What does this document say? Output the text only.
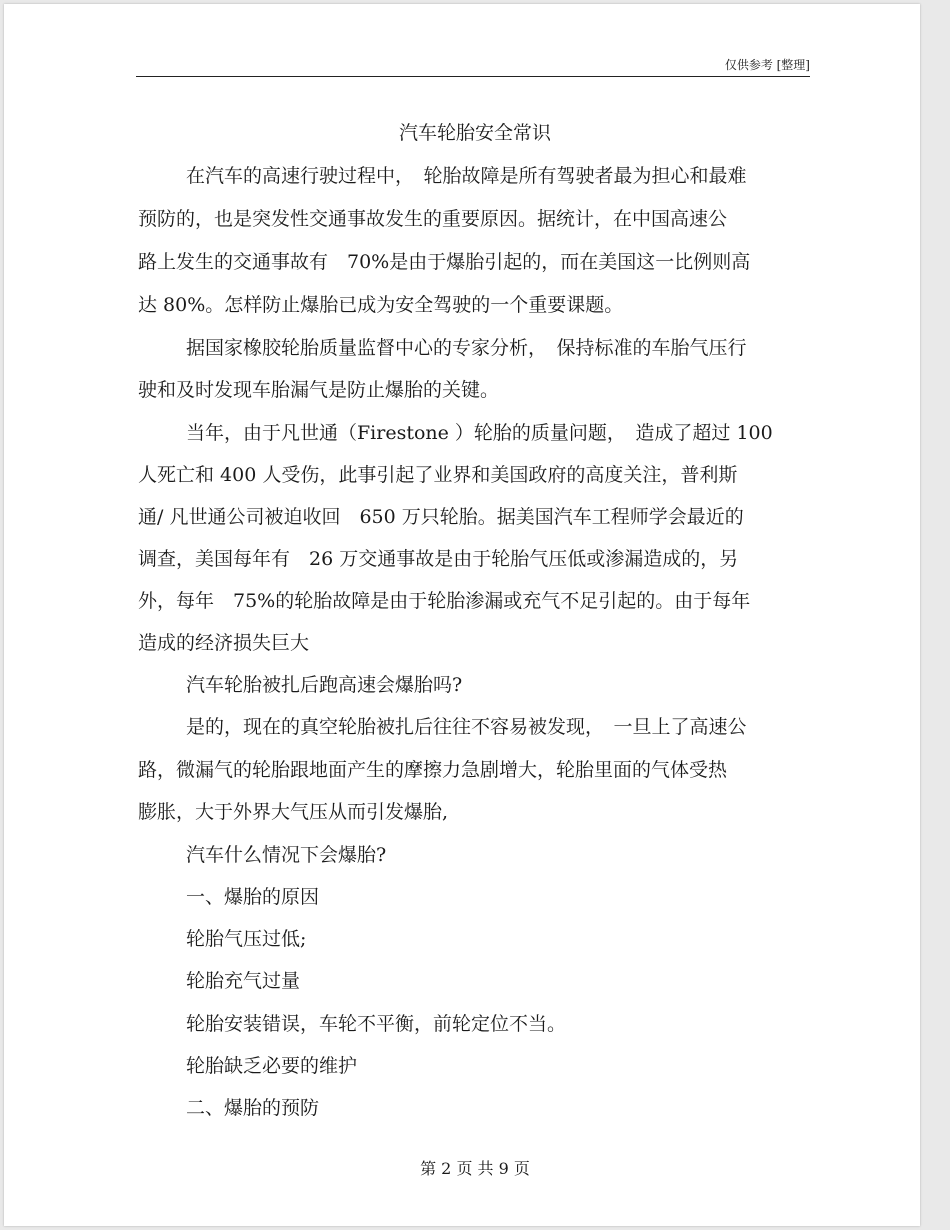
仅供参考 [整理]
汽车轮胎安全常识
在汽车的高速行驶过程中，　轮胎故障是所有驾驶者最为担心和最难
预防的，也是突发性交通事故发生的重要原因。据统计，在中国高速公
路上发生的交通事故有　70%是由于爆胎引起的，而在美国这一比例则高
达 80%。怎样防止爆胎已成为安全驾驶的一个重要课题。
据国家橡胶轮胎质量监督中心的专家分析，　保持标准的车胎气压行
驶和及时发现车胎漏气是防止爆胎的关键。
当年，由于凡世通（Firestone ）轮胎的质量问题，　造成了超过 100
人死亡和 400 人受伤，此事引起了业界和美国政府的高度关注，普利斯
通/ 凡世通公司被迫收回　650 万只轮胎。据美国汽车工程师学会最近的
调查，美国每年有　26 万交通事故是由于轮胎气压低或渗漏造成的，另
外，每年　75%的轮胎故障是由于轮胎渗漏或充气不足引起的。由于每年
造成的经济损失巨大
汽车轮胎被扎后跑高速会爆胎吗?
是的，现在的真空轮胎被扎后往往不容易被发现，　一旦上了高速公
路，微漏气的轮胎跟地面产生的摩擦力急剧增大，轮胎里面的气体受热
膨胀，大于外界大气压从而引发爆胎,
汽车什么情况下会爆胎?
一、爆胎的原因
轮胎气压过低;
轮胎充气过量
轮胎安装错误，车轮不平衡，前轮定位不当。
轮胎缺乏必要的维护
二、爆胎的预防
第 2 页 共 9 页
